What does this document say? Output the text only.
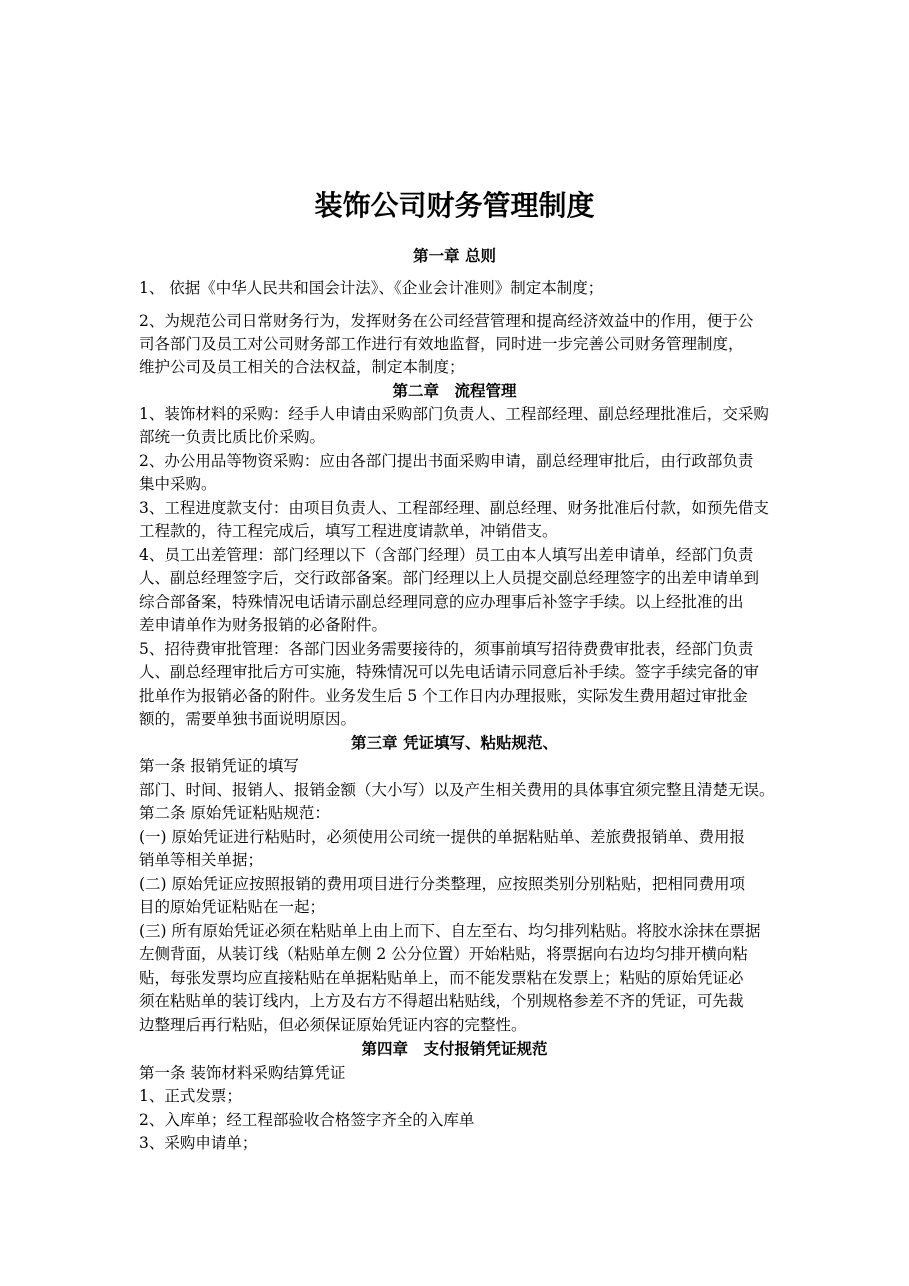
装饰公司财务管理制度
第一章 总则

1、 依据《中华人民共和国会计法》、《企业会计准则》制定本制度；

2、为规范公司日常财务行为，发挥财务在公司经营管理和提高经济效益中的作用，便于公

司各部门及员工对公司财务部工作进行有效地监督，同时进一步完善公司财务管理制度，

维护公司及员工相关的合法权益，制定本制度；

第二章　流程管理

1、装饰材料的采购：经手人申请由采购部门负责人、工程部经理、副总经理批准后，交采购

部统一负责比质比价采购。

2、办公用品等物资采购：应由各部门提出书面采购申请，副总经理审批后，由行政部负责

集中采购。

3、工程进度款支付：由项目负责人、工程部经理、副总经理、财务批准后付款，如预先借支

工程款的，待工程完成后，填写工程进度请款单，冲销借支。

4、员工出差管理：部门经理以下（含部门经理）员工由本人填写出差申请单，经部门负责

人、副总经理签字后，交行政部备案。部门经理以上人员提交副总经理签字的出差申请单到

综合部备案，特殊情况电话请示副总经理同意的应办理事后补签字手续。以上经批准的出

差申请单作为财务报销的必备附件。

5、招待费审批管理：各部门因业务需要接待的，须事前填写招待费费审批表，经部门负责

人、副总经理审批后方可实施，特殊情况可以先电话请示同意后补手续。签字手续完备的审

批单作为报销必备的附件。业务发生后 5 个工作日内办理报账，实际发生费用超过审批金

额的，需要单独书面说明原因。

第三章 凭证填写、粘贴规范、

第一条 报销凭证的填写

部门、时间、报销人、报销金额（大小写）以及产生相关费用的具体事宜须完整且清楚无误。

第二条 原始凭证粘贴规范：

(一) 原始凭证进行粘贴时，必须使用公司统一提供的单据粘贴单、差旅费报销单、费用报

销单等相关单据；

(二) 原始凭证应按照报销的费用项目进行分类整理，应按照类别分别粘贴，把相同费用项

目的原始凭证粘贴在一起；

(三) 所有原始凭证必须在粘贴单上由上而下、自左至右、均匀排列粘贴。将胶水涂抹在票据

左侧背面，从装订线（粘贴单左侧 2 公分位置）开始粘贴，将票据向右边均匀排开横向粘

贴，每张发票均应直接粘贴在单据粘贴单上，而不能发票粘在发票上；粘贴的原始凭证必

须在粘贴单的装订线内，上方及右方不得超出粘贴线，个别规格参差不齐的凭证，可先裁

边整理后再行粘贴，但必须保证原始凭证内容的完整性。

第四章　支付报销凭证规范

第一条 装饰材料采购结算凭证

1、正式发票；

2、入库单；经工程部验收合格签字齐全的入库单

3、采购申请单；
